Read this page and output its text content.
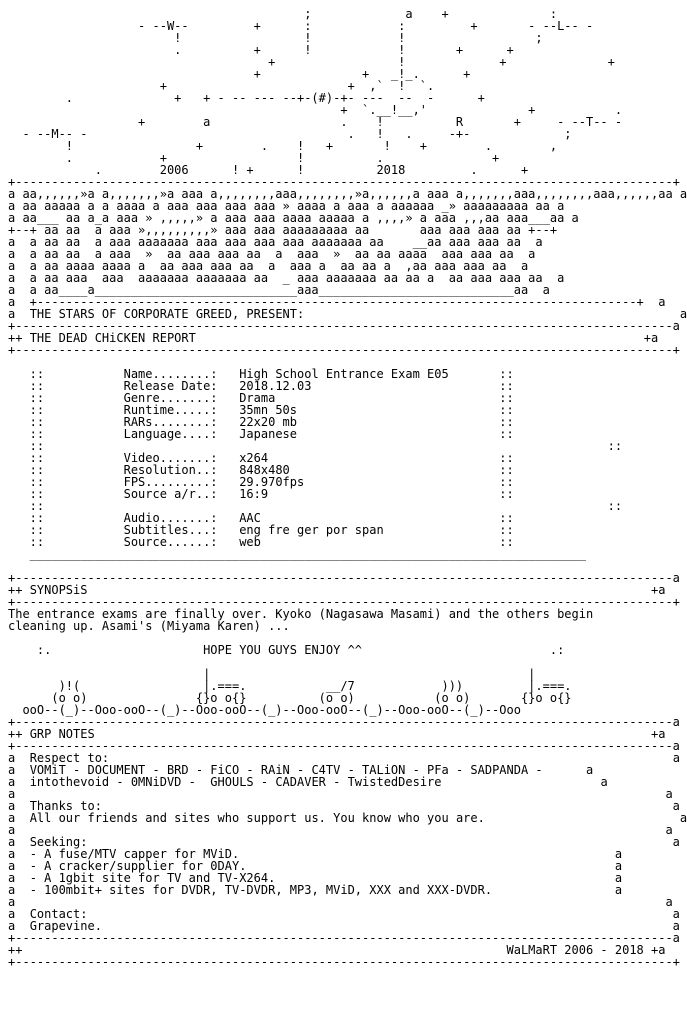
;             a    +              :
- --W--         +      :            :         +       - --L-- -
!                 !            !                  ;
.          +      !            !       +      +
+                 !             +              +
+              +   _!_.      +
+                         +  ,`  !  `.
.              +   + - -- --- --+-(#)-+- ---  --  -      +
+  `.__!__,'              +           .
+        a                  .    !          R       +     - --T-- -
- --M-- -                                    .   !   .     -+-             ;
!                 +        .    !   +       !    +        .        ,
.            +                  !          .               +
.        2006      ! +      !          2018         .      +
+-------------------------------------------------------------------------------------------+
a aa,,,,,,»a a,,,,,,,»a aaa a,,,,,,,,aaa,,,,,,,,»a,,,,,,a aaa a,,,,,,,aaa,,,,,,,,aaa,,,,,,aa a
a aa aaaaa a a aaaa a aaa aaa aaa aaa » aaaa a aaa a aaaaaa _» aaaaaaaaa aa a
a aa___ aa a_a aaa » ,,,,,» a aaa aaa aaaa aaaaa a ,,,,» a aaa ,,,aa aaa___aa a
+--+ aa aa  a aaa »,,,,,,,,,» aaa aaa aaaaaaaaa aa       aaa aaa aaa aa +--+
a  a aa aa  a aaa aaaaaaa aaa aaa aaa aaa aaaaaaa aa    __aa aaa aaa aa  a
a  a aa aa  a aaa  »  aa aaa aaa aa  a  aaa  »  aa aa aaaa  aaa aaa aa  a
a  a aa aaaa aaaa a  aa aaa aaa aa  a  aaa a  aa aa a  ,aa aaa aaa aa  a
a  a aa aaa  aaa  aaaaaaa aaaaaaa aa  _ aaa aaaaaaa aa aa a  aa aaa aaa aa  a
a  a aa____a____________________________aaa___________________________aa  a
a  +-----------------------------------------------------------------------------------+  a
a  THE STARS OF CORPORATE GREED, PRESENT:                                                    a
+-------------------------------------------------------------------------------------------a
++ THE DEAD CHiCKEN REPORT                                                              +a
+-------------------------------------------------------------------------------------------+

::           Name........: High School Entrance Exam E05       ::
::           Release Date: 2018.12.03                          ::
::           Genre.......: Drama                               ::
::           Runtime.....: 35mn 50s                            ::
::           RARs........: 22x20 mb                            ::
::           Language....: Japanese                            ::
::                                                                              ::
::           Video.......: x264                                ::
::           Resolution..: 848x480                             ::
::           FPS.........: 29.970fps                           ::
::           Source a/r..: 16:9                                ::
::                                                                              ::
::           Audio.......: AAC                                 ::
::           Subtitles...: eng fre ger por span                ::
::           Source......: web                                 ::
_____________________________________________________________________________

+-------------------------------------------------------------------------------------------a
++ SYNOPSiS                                                                              +a
+-------------------------------------------------------------------------------------------+
The entrance exams are finally over. Kyoko (Nagasawa Masami) and the others begin
cleaning up. Asami's (Miyama Karen) ...

:.                     HOPE YOU GUYS ENJOY ^^                          .:

|                                            |
)!(                 |.===.           __/7            )))         |.===.
(o o)               {}o o{}          (o o)           (o o)       {}o o{}
ooO--(_)--Ooo-ooO--(_)--Ooo-ooO--(_)--Ooo-ooO--(_)--Ooo-ooO--(_)--Ooo
+-------------------------------------------------------------------------------------------a
++ GRP NOTES                                                                             +a
+-------------------------------------------------------------------------------------------a
a  Respect to:                                                                              a
a  VOMiT - DOCUMENT - BRD - FiCO - RAiN - C4TV - TALiON - PFa - SADPANDA -      a
a  intothevoid - 0MNiDVD -  GHOULS - CADAVER - TwistedDesire                      a
a                                                                                          a
a  Thanks to:                                                                               a
a  All our friends and sites who support us. You know who you are.                           a
a                                                                                          a
a  Seeking:                                                                                 a
a  - A fuse/MTV capper for MViD.                                                    a
a  - A cracker/supplier for 0DAY.                                                   a
a  - A 1gbit site for TV and TV-X264.                                               a
a  - 100mbit+ sites for DVDR, TV-DVDR, MP3, MViD, XXX and XXX-DVDR.                 a
a                                                                                          a
a  Contact:                                                                                 a
a  Grapevine.                                                                               a
+-------------------------------------------------------------------------------------------a
++                                                                   WaLMaRT 2006 - 2018 +a
+-------------------------------------------------------------------------------------------+
